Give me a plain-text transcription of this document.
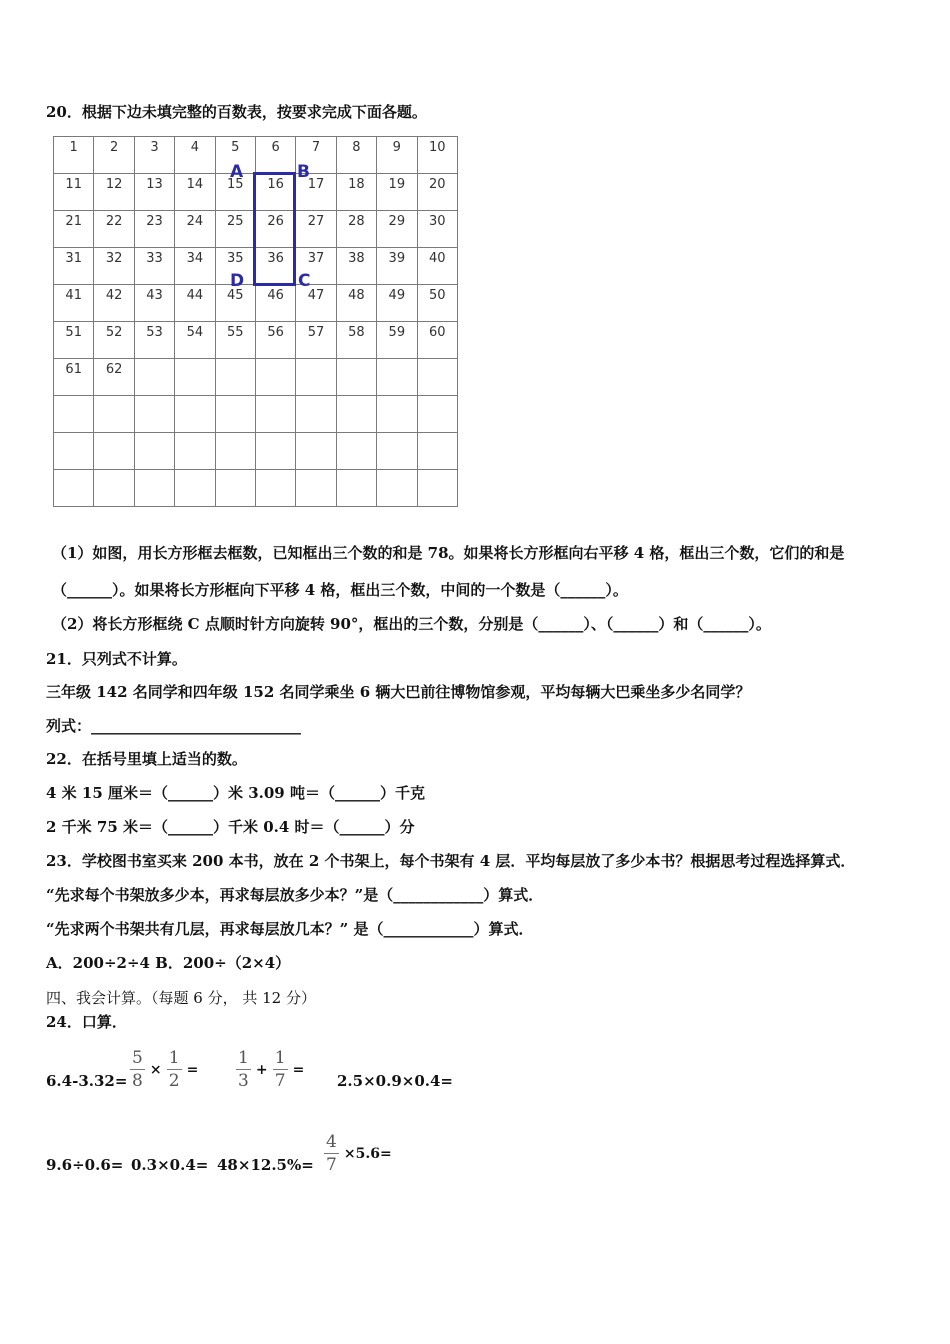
20．根据下边未填完整的百数表，按要求完成下面各题。
1	2	3	4	5	6	7	8	9	10

11	12	13	14	15	16	17	18	19	20

21	22	23	24	25	26	27	28	29	30

31	32	33	34	35	36	37	38	39	40

41	42	43	44	45	46	47	48	49	50

51	52	53	54	55	56	57	58	59	60

61	62								

A	B
D	C
（1）如图，用长方形框去框数，已知框出三个数的和是 78。如果将长方形框向右平移 4 格，框出三个数，它们的和是
（______）。如果将长方形框向下平移 4 格，框出三个数，中间的一个数是（______）。
（2）将长方形框绕 C 点顺时针方向旋转 90°，框出的三个数，分别是（______）、（______）和（______）。
21．只列式不计算。
三年级 142 名同学和四年级 152 名同学乘坐 6 辆大巴前往博物馆参观，平均每辆大巴乘坐多少名同学？
列式：____________________________
22．在括号里填上适当的数。
4 米 15 厘米＝（______）米 3.09 吨＝（______）千克
2 千米 75 米＝（______）千米 0.4 时＝（______）分
23．学校图书室买来 200 本书，放在 2 个书架上，每个书架有 4 层．平均每层放了多少本书？根据思考过程选择算式．
“先求每个书架放多少本，再求每层放多少本？”是（____________）算式．
“先求两个书架共有几层，再求每层放几本？” 是（____________）算式．
A．200÷2÷4 B．200÷（2×4）
四、我会计算。（每题 6 分， 共 12 分）
24．口算．
$6.4-3.32= \frac{5}{8} \times \frac{1}{2} = \frac{1}{3} + \frac{1}{7}$ =
2.5×0.9×0.4=
$9.6\div 0.6= 0.3\times 0.4= 48\times 12.5\%= \frac{4}{7} \times 5.6=$
